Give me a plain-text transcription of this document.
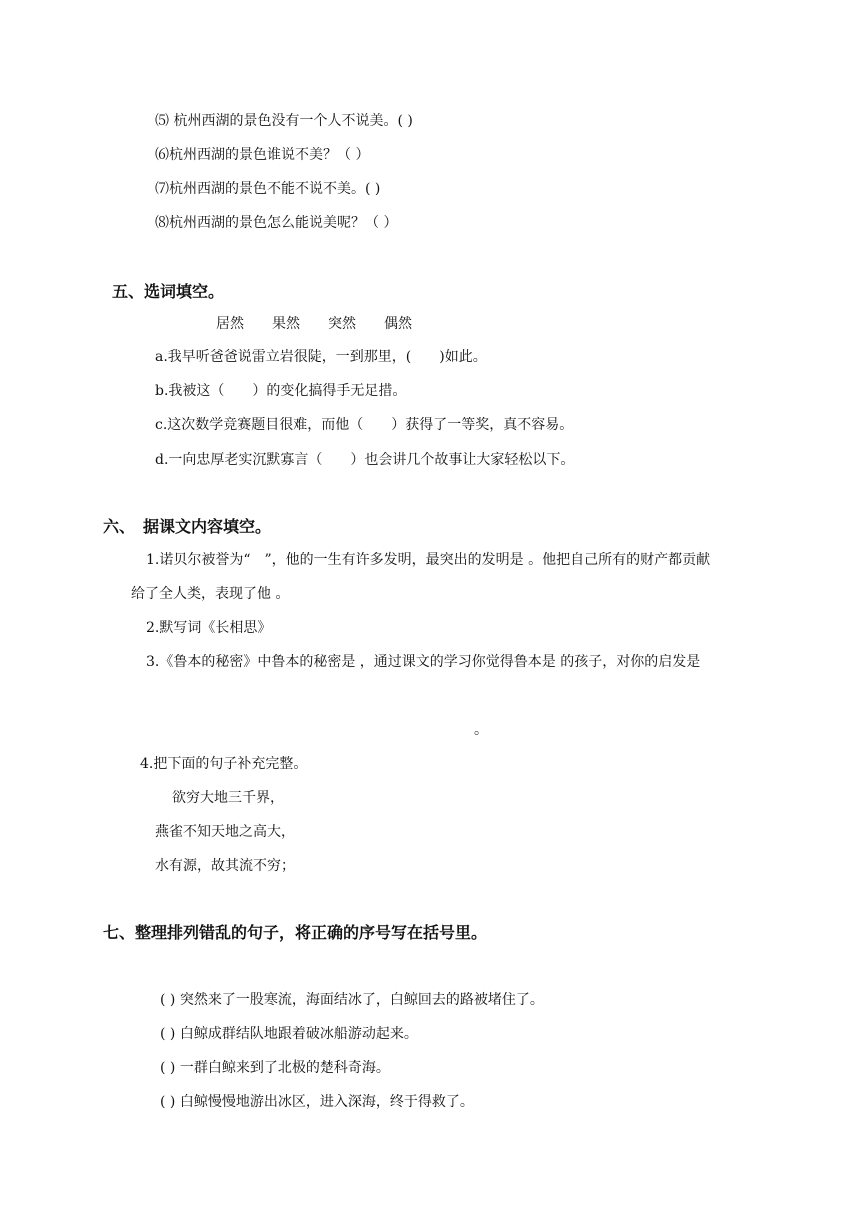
⑸ 杭州西湖的景色没有一个人不说美。( )
⑹杭州西湖的景色谁说不美？（ ）
⑺杭州西湖的景色不能不说不美。( )
⑻杭州西湖的景色怎么能说美呢？（ ）
五、选词填空。
居然 果然 突然 偶然
a.我早听爸爸说雷立岩很陡，一到那里，(　　)如此。
b.我被这（　　）的变化搞得手无足措。
c.这次数学竞赛题目很难，而他（　　）获得了一等奖，真不容易。
d.一向忠厚老实沉默寡言（　　）也会讲几个故事让大家轻松以下。
六、　据课文内容填空。
1.诺贝尔被誉为“　”，他的一生有许多发明，最突出的发明是 。他把自己所有的财产都贡献
给了全人类，表现了他 。
2.默写词《长相思》
3.《鲁本的秘密》中鲁本的秘密是 ，通过课文的学习你觉得鲁本是 的孩子，对你的启发是
。
4.把下面的句子补充完整。
欲穷大地三千界，
燕雀不知天地之高大，
水有源，故其流不穷；
七、整理排列错乱的句子，将正确的序号写在括号里。
( ) 突然来了一股寒流，海面结冰了，白鲸回去的路被堵住了。
( ) 白鲸成群结队地跟着破冰船游动起来。
( ) 一群白鲸来到了北极的楚科奇海。
( ) 白鲸慢慢地游出冰区，进入深海，终于得救了。
